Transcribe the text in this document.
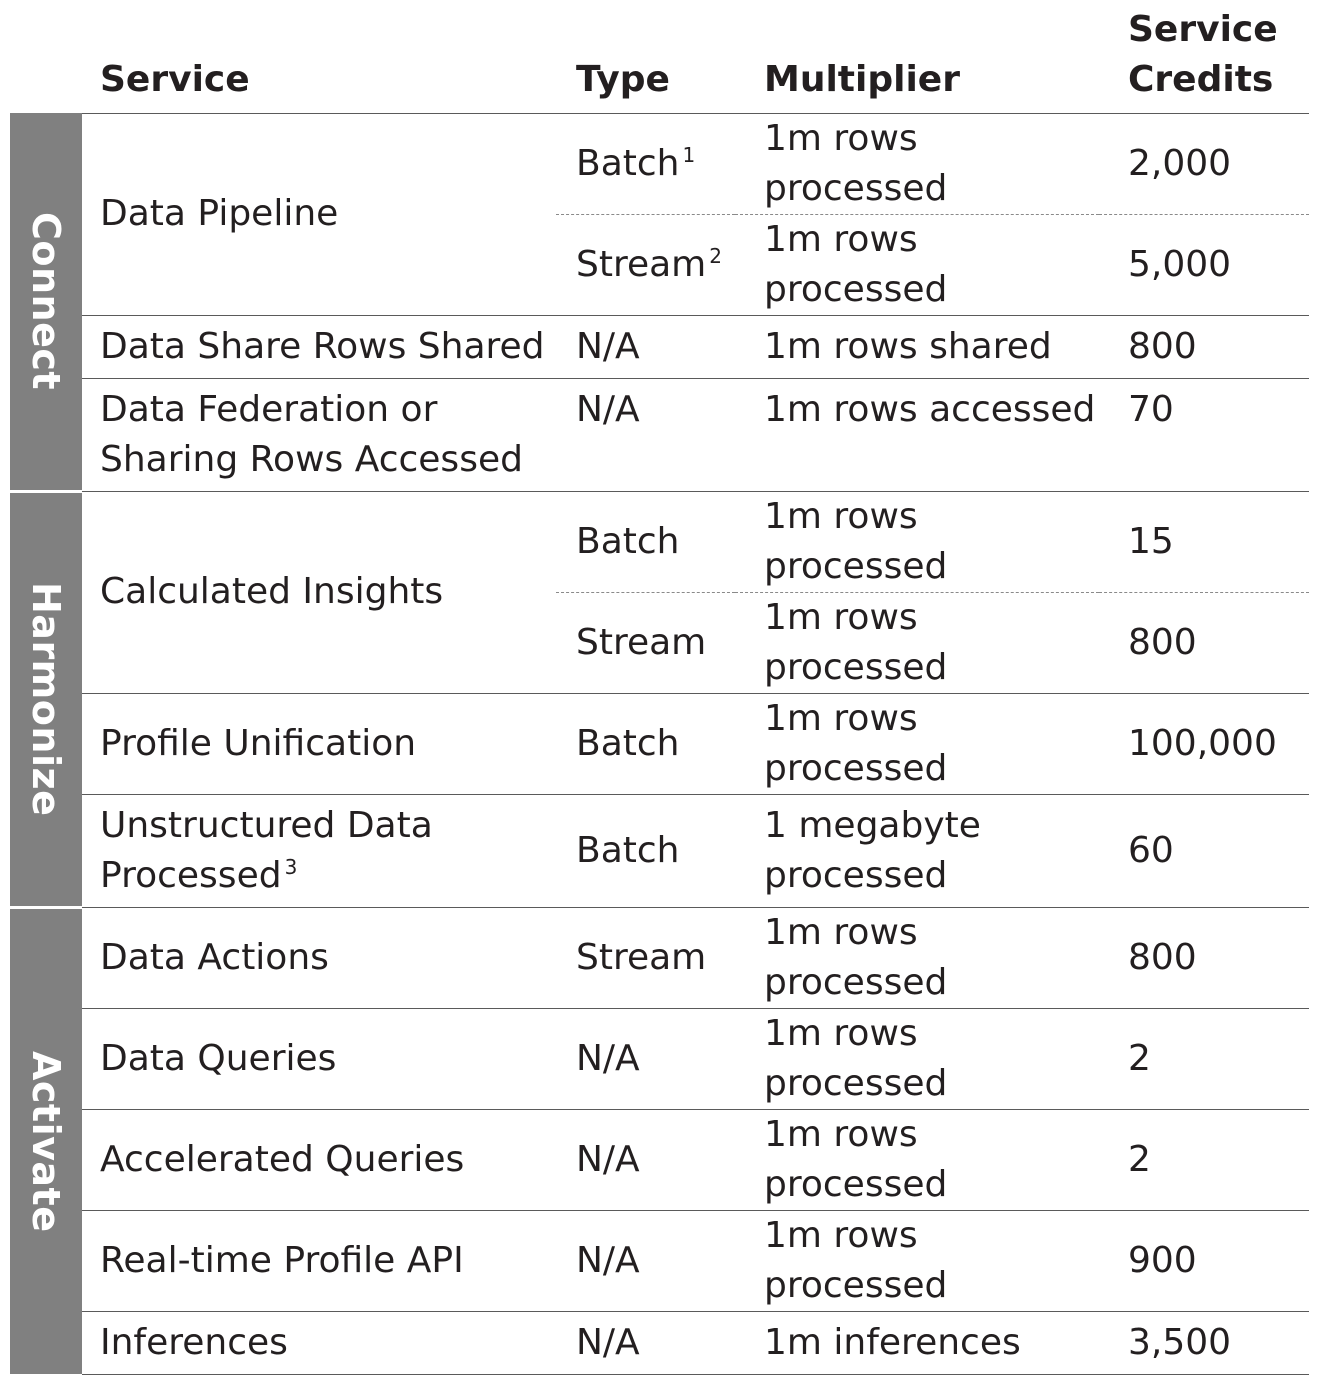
	Service	Type	Multiplier	Service
Credits

Connect	Data Pipeline	Batch $^1$	1m rows processed	2,000
		Stream $^2$	1m rows processed	5,000
	Data Share Rows Shared	N/A	1m rows shared	800
	Data Federation or Sharing Rows Accessed	N/A	1m rows accessed	70

Harmonize	Calculated Insights	Batch	1m rows processed	15
		Stream	1m rows processed	800
	Profile Unification	Batch	1m rows processed	100,000
	Unstructured Data Processed $^3$	Batch	1 megabyte processed	60

Activate	Data Actions	Stream	1m rows processed	800
	Data Queries	N/A	1m rows processed	2
	Accelerated Queries	N/A	1m rows processed	2
	Real-time Profile API	N/A	1m rows processed	900
	Inferences	N/A	1m inferences	3,500
